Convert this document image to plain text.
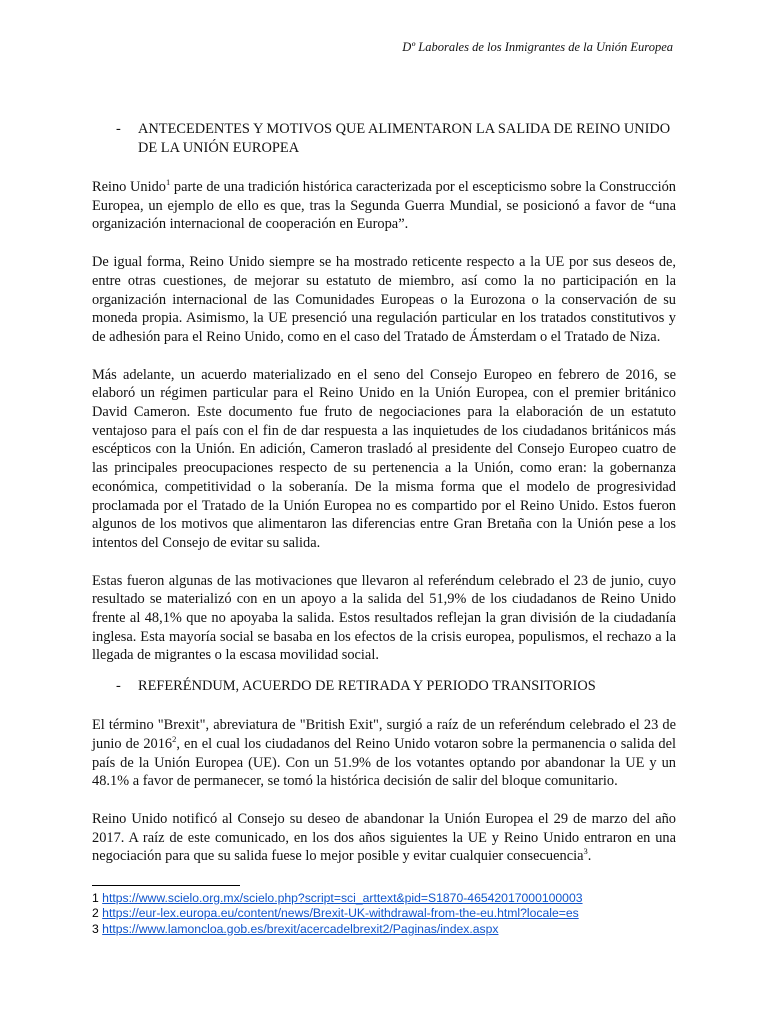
Dº Laborales de los Inmigrantes de la Unión Europea
- ANTECEDENTES Y MOTIVOS QUE ALIMENTARON LA SALIDA DE REINO UNIDO DE LA UNIÓN EUROPEA

Reino Unido$^1$ parte de una tradición histórica caracterizada por el escepticismo sobre la Construcción Europea, un ejemplo de ello es que, tras la Segunda Guerra Mundial, se posicionó a favor de “una organización internacional de cooperación en Europa”.

De igual forma, Reino Unido siempre se ha mostrado reticente respecto a la UE por sus deseos de, entre otras cuestiones, de mejorar su estatuto de miembro, así como la no participación en la organización internacional de las Comunidades Europeas o la Eurozona o la conservación de su moneda propia. Asimismo, la UE presenció una regulación particular en los tratados constitutivos y de adhesión para el Reino Unido, como en el caso del Tratado de Ámsterdam o el Tratado de Niza.

Más adelante, un acuerdo materializado en el seno del Consejo Europeo en febrero de 2016, se elaboró un régimen particular para el Reino Unido en la Unión Europea, con el premier británico David Cameron. Este documento fue fruto de negociaciones para la elaboración de un estatuto ventajoso para el país con el fin de dar respuesta a las inquietudes de los ciudadanos británicos más escépticos con la Unión. En adición, Cameron trasladó al presidente del Consejo Europeo cuatro de las principales preocupaciones respecto de su pertenencia a la Unión, como eran: la gobernanza económica, competitividad o la soberanía. De la misma forma que el modelo de progresividad proclamada por el Tratado de la Unión Europea no es compartido por el Reino Unido. Estos fueron algunos de los motivos que alimentaron las diferencias entre Gran Bretaña con la Unión pese a los intentos del Consejo de evitar su salida.

Estas fueron algunas de las motivaciones que llevaron al referéndum celebrado el 23 de junio, cuyo resultado se materializó con en un apoyo a la salida del 51,9% de los ciudadanos de Reino Unido frente al 48,1% que no apoyaba la salida. Estos resultados reflejan la gran división de la ciudadanía inglesa. Esta mayoría social se basaba en los efectos de la crisis europea, populismos, el rechazo a la llegada de migrantes o la escasa movilidad social.

- REFERÉNDUM, ACUERDO DE RETIRADA Y PERIODO TRANSITORIOS

El término "Brexit", abreviatura de "British Exit", surgió a raíz de un referéndum celebrado el 23 de junio de 2016$^2$, en el cual los ciudadanos del Reino Unido votaron sobre la permanencia o salida del país de la Unión Europea (UE). Con un 51.9% de los votantes optando por abandonar la UE y un 48.1% a favor de permanecer, se tomó la histórica decisión de salir del bloque comunitario.

Reino Unido notificó al Consejo su deseo de abandonar la Unión Europea el 29 de marzo del año 2017. A raíz de este comunicado, en los dos años siguientes la UE y Reino Unido entraron en una negociación para que su salida fuese lo mejor posible y evitar cualquier consecuencia$^3$.

1 https://www.scielo.org.mx/scielo.php?script=sci_arttext&pid=S1870-46542017000100003
2 https://eur-lex.europa.eu/content/news/Brexit-UK-withdrawal-from-the-eu.html?locale=es
3 https://www.lamoncloa.gob.es/brexit/acercadelbrexit2/Paginas/index.aspx
